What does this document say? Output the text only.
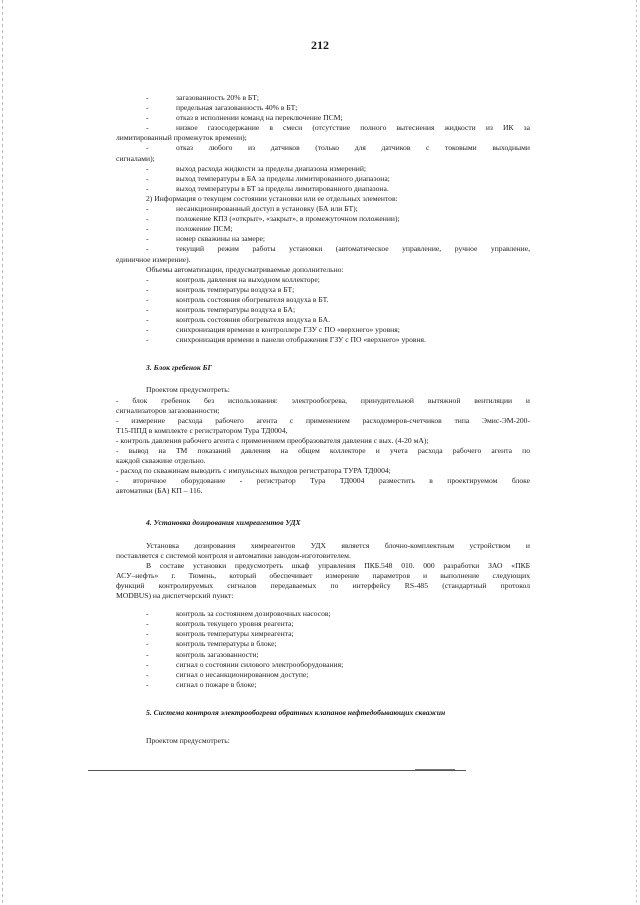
212
-	загазованность 20% в БТ;
-	предельная загазованность 40% в БТ;
-	отказ в исполнении команд на переключение ПСМ;
-	низкое газосодержание в смеси (отсутствие полного вытеснения жидкости из ИК за
лимитированный промежуток времени);
-	отказ любого из датчиков (только для датчиков с токовыми выходными
сигналами);
-	выход расхода жидкости за пределы диапазона измерений;
-	выход температуры в БА за пределы лимитированного диапазона;
-	выход температуры в БТ за пределы лимитированного диапазона.
2) Информация о текущем состоянии установки или ее отдельных элементов:
-	несанкционированный доступ в установку (БА или БТ);
-	положение КПЗ («открыт», «закрыт», в промежуточном положении);
-	положение ПСМ;
-	номер скважины на замере;
-	текущий режим работы установки (автоматическое управление, ручное управление,
единичное измерение).
Объемы автоматизации, предусматриваемые дополнительно:
-	контроль давления на выходном коллекторе;
-	контроль температуры воздуха в БТ;
-	контроль состояния обогревателя воздуха в БТ.
-	контроль температуры воздуха в БА;
-	контроль состояния обогревателя воздуха в БА.
-	синхронизация времени в контроллере ГЗУ с ПО «верхнего» уровня;
-	синхронизация времени в панели отображения ГЗУ с ПО «верхнего» уровня.
3. Блок гребенок БГ
Проектом предусмотреть:
- блок гребенок без использования: электрообогрева, принудительной вытяжной вентиляции и
сигнализаторов загазованности;
- измерение расхода рабочего агента с применением расходомеров-счетчиков типа Эмис-ЭМ-200-
Т15-ППД в комплекте с регистратором Тура ТД0004,
- контроль давления рабочего агента с применением преобразователя давления с вых. (4-20 мА);
- вывод на ТМ показаний давления на общем коллекторе и учета расхода рабочего агента по
каждой скважине отдельно.
- расход по скважинам выводить с импульсных выходов регистратора ТУРА ТД0004;
- вторичное оборудование - регистратор Тура ТД0004 разместить в проектируемом блоке
автоматики (БА) КП – 116.
4. Установка дозирования химреагентов УДХ
Установка дозирования химреагентов УДХ является блочно-комплектным устройством и
поставляется с системой контроля и автоматики заводом-изготовителем.
В составе установки предусмотреть шкаф управления ПКБ.548 010. 000 разработки ЗАО «ПКБ
АСУ–нефть» г. Тюмень, который обеспечивает измерение параметров и выполнение следующих
функций контролируемых сигналов передаваемых по интерфейсу RS-485 (стандартный протокол
MODBUS) на диспетчерский пункт:
-	контроль за состоянием дозировочных насосов;
-	контроль текущего уровня реагента;
-	контроль температуры химреагента;
-	контроль температуры в блоке;
-	контроль загазованности;
-	сигнал о состоянии силового электрооборудования;
-	сигнал о несанкционированном доступе;
-	сигнал о пожаре в блоке;
5. Система контроля электрообогрева обратных клапанов нефтедобывающих скважин
Проектом предусмотреть:
